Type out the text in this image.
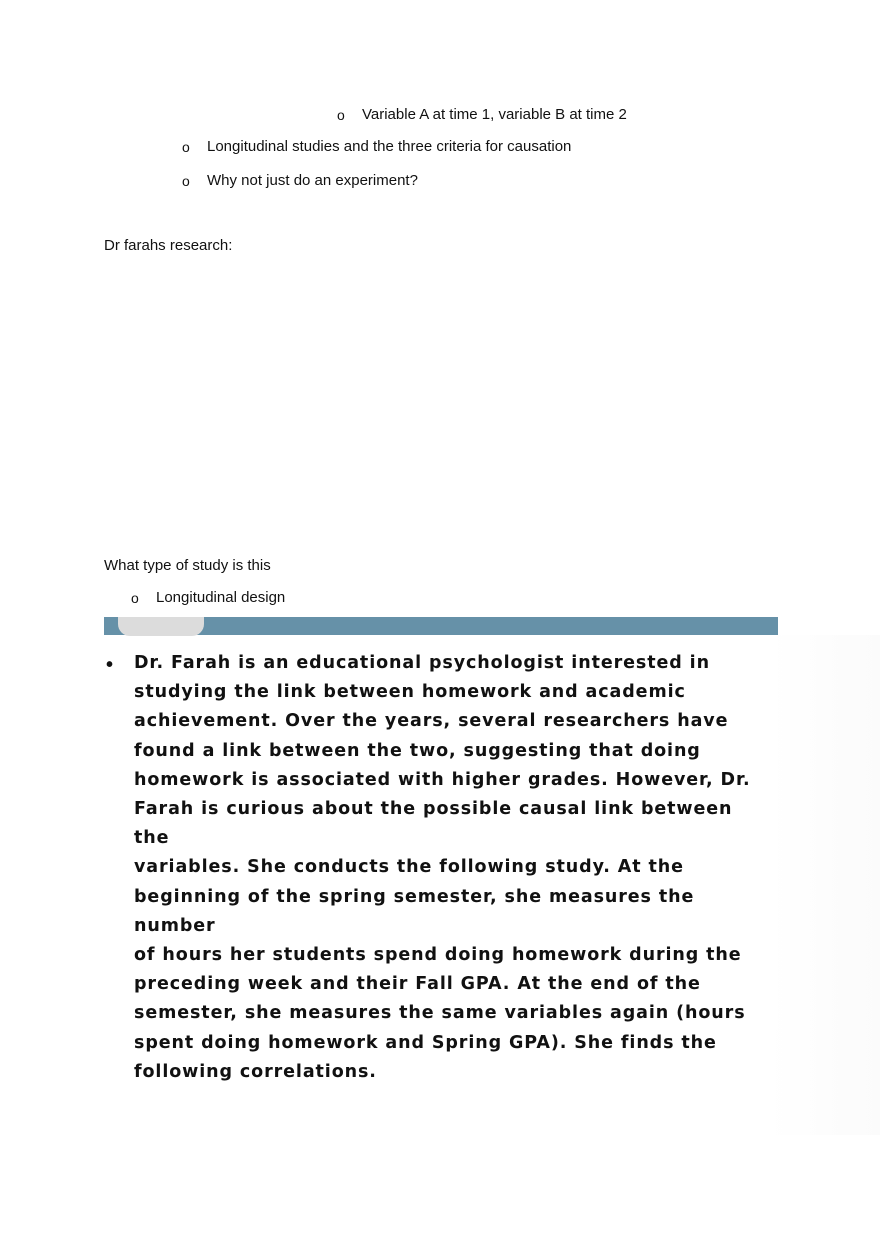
o Variable A at time 1, variable B at time 2
o Longitudinal studies and the three criteria for causation
o Why not just do an experiment?
Dr farahs research:
What type of study is this
o Longitudinal design
• Dr. Farah is an educational psychologist interested in
studying the link between homework and academic
achievement. Over the years, several researchers have
found a link between the two, suggesting that doing
homework is associated with higher grades. However, Dr.
Farah is curious about the possible causal link between the
variables. She conducts the following study. At the
beginning of the spring semester, she measures the number
of hours her students spend doing homework during the
preceding week and their Fall GPA. At the end of the
semester, she measures the same variables again (hours
spent doing homework and Spring GPA). She finds the
following correlations.
